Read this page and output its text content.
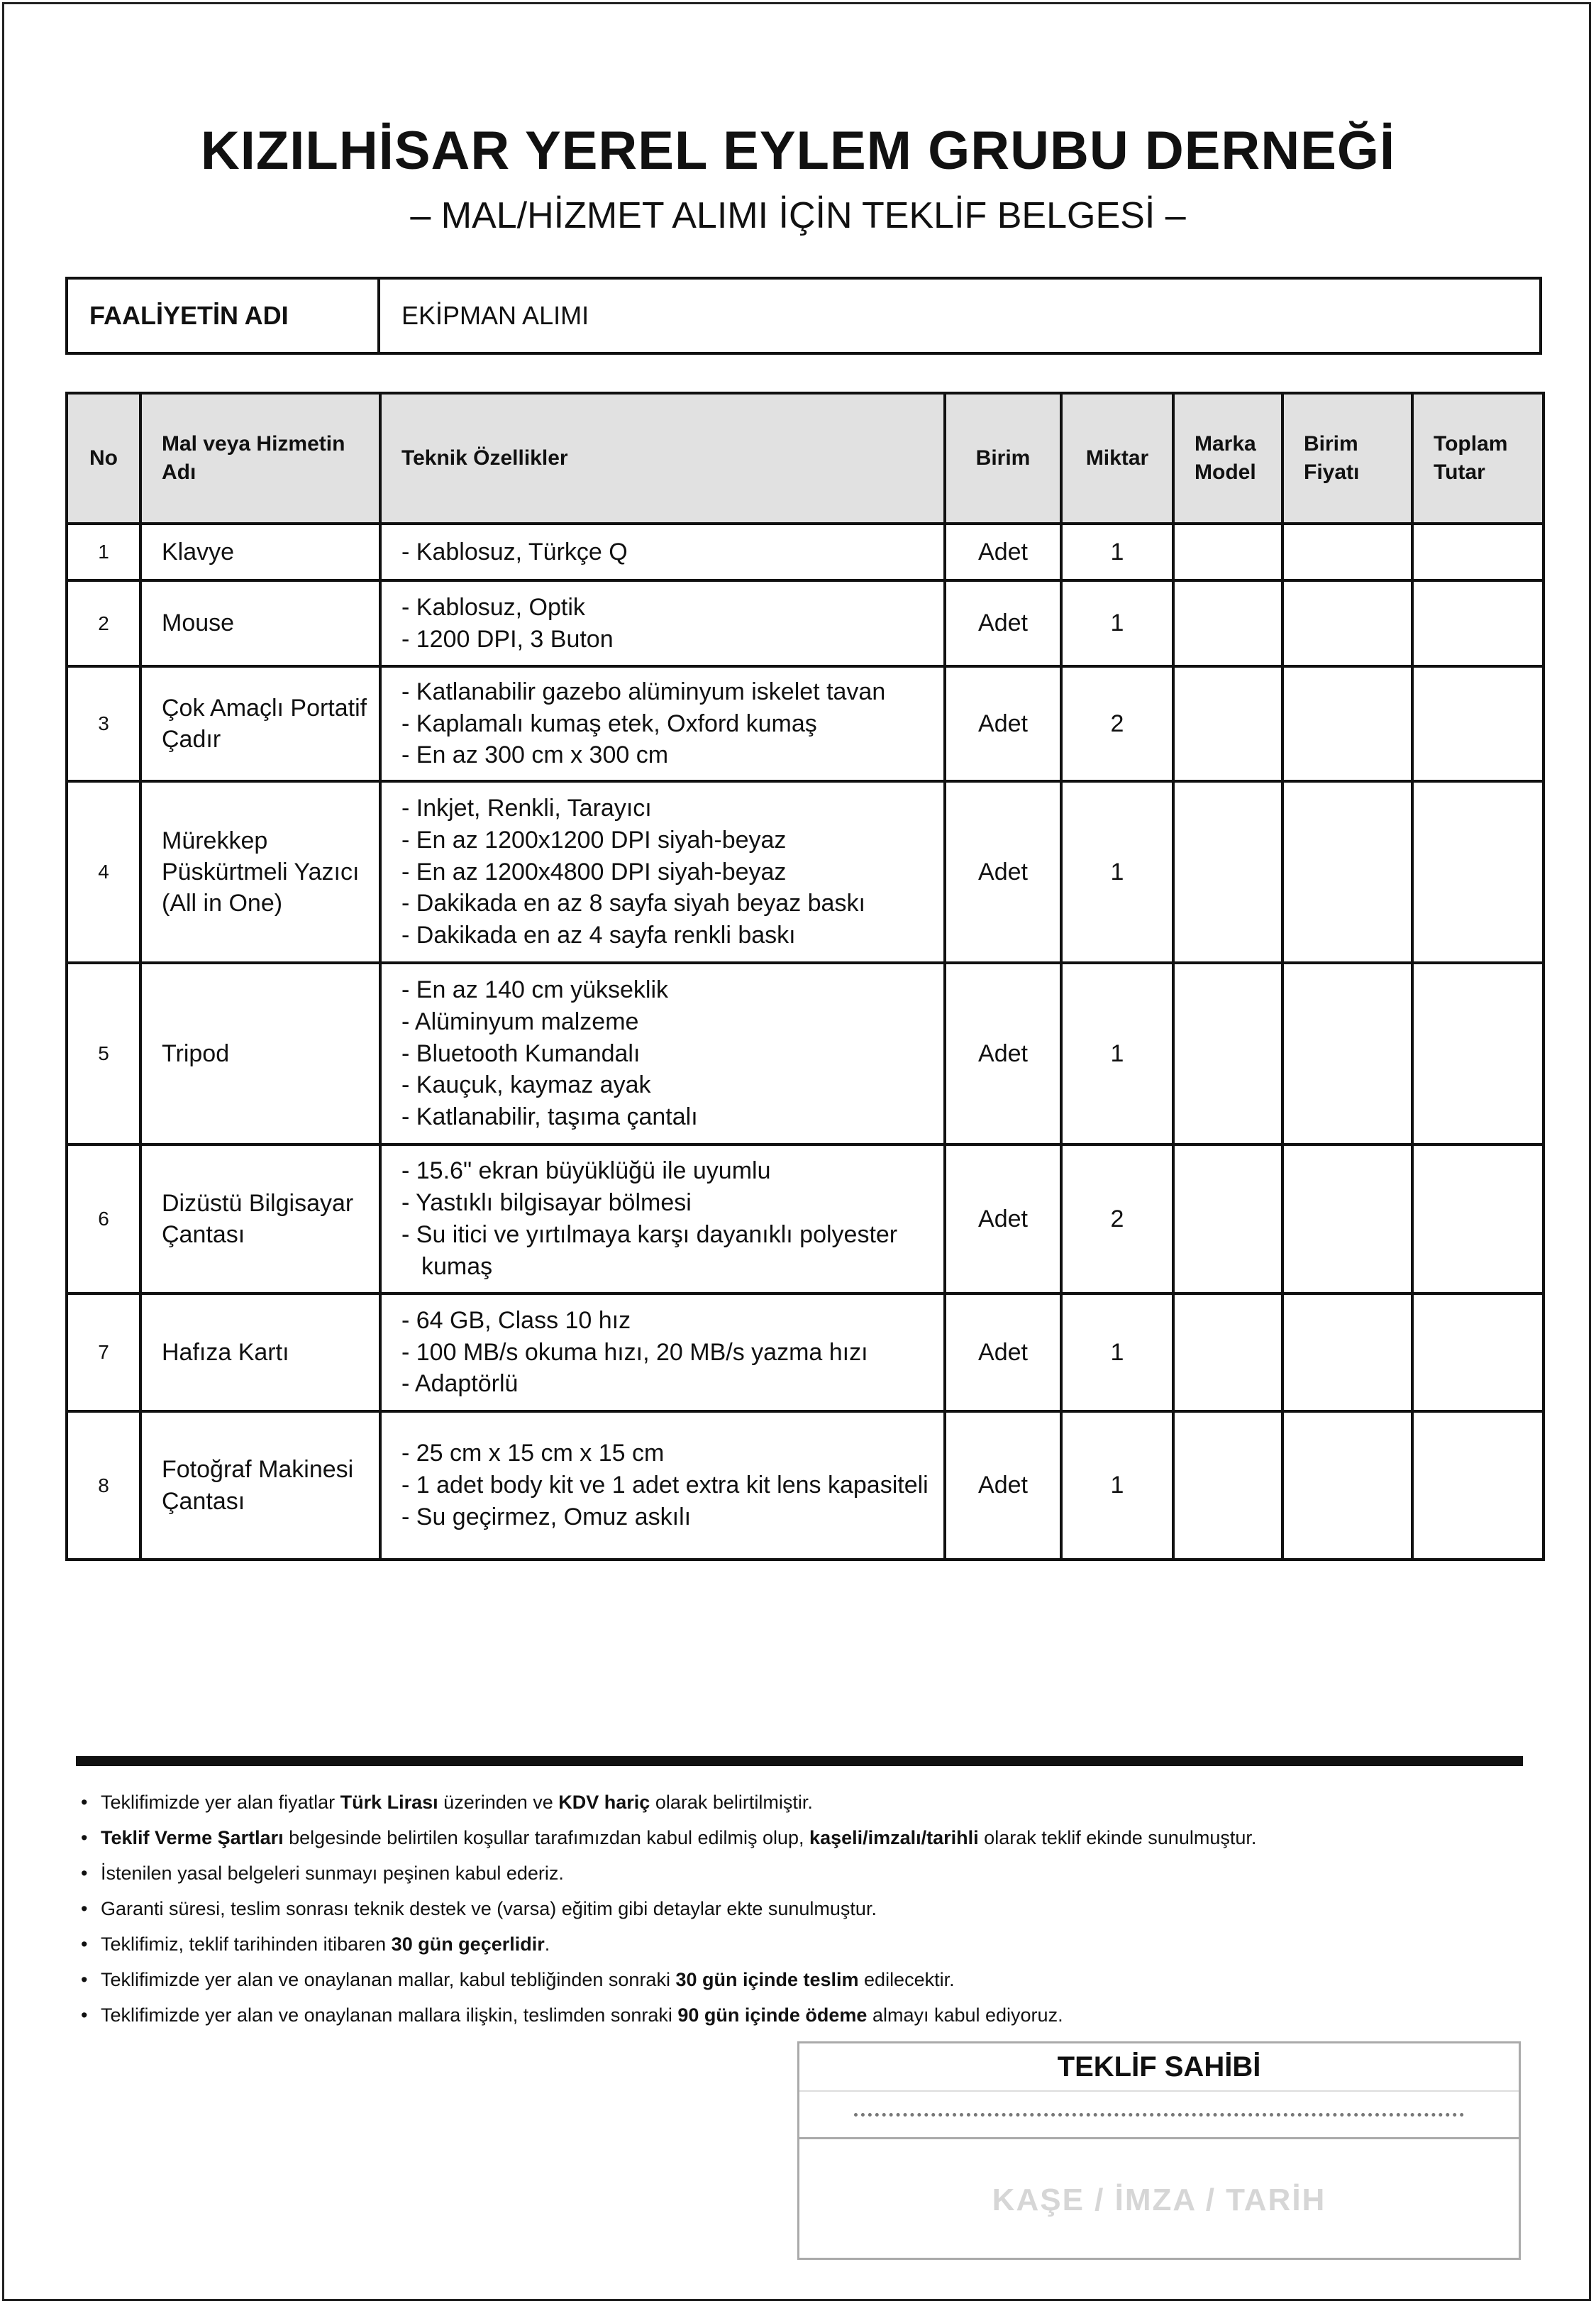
KIZILHİSAR YEREL EYLEM GRUBU DERNEĞİ
– MAL/HİZMET ALIMI İÇİN TEKLİF BELGESİ –
FAALİYETİN ADI	EKİPMAN ALIMI
No	Mal veya Hizmetin Adı	Teknik Özellikler	Birim	Miktar	Marka Model	Birim Fiyatı	Toplam Tutar
1	Klavye	- Kablosuz, Türkçe Q	Adet	1			
2	Mouse	- Kablosuz, Optik
- 1200 DPI, 3 Buton	Adet	1			
3	Çok Amaçlı Portatif Çadır	- Katlanabilir gazebo alüminyum iskelet tavan
- Kaplamalı kumaş etek, Oxford kumaş
- En az 300 cm x 300 cm	Adet	2			
4	Mürekkep Püskürtmeli Yazıcı (All in One)	- Inkjet, Renkli, Tarayıcı
- En az 1200x1200 DPI siyah-beyaz
- En az 1200x4800 DPI siyah-beyaz
- Dakikada en az 8 sayfa siyah beyaz baskı
- Dakikada en az 4 sayfa renkli baskı	Adet	1			
5	Tripod	- En az 140 cm yükseklik
- Alüminyum malzeme
- Bluetooth Kumandalı
- Kauçuk, kaymaz ayak
- Katlanabilir, taşıma çantalı	Adet	1			
6	Dizüstü Bilgisayar Çantası	- 15.6" ekran büyüklüğü ile uyumlu
- Yastıklı bilgisayar bölmesi
- Su itici ve yırtılmaya karşı dayanıklı polyester kumaş	Adet	2			
7	Hafıza Kartı	- 64 GB, Class 10 hız
- 100 MB/s okuma hızı, 20 MB/s yazma hızı
- Adaptörlü	Adet	1			
8	Fotoğraf Makinesi Çantası	- 25 cm x 15 cm x 15 cm
- 1 adet body kit ve 1 adet extra kit lens kapasiteli
- Su geçirmez, Omuz askılı	Adet	1			
• Teklifimizde yer alan fiyatlar Türk Lirası üzerinden ve KDV hariç olarak belirtilmiştir.
• Teklif Verme Şartları belgesinde belirtilen koşullar tarafımızdan kabul edilmiş olup, kaşeli/imzalı/tarihli olarak teklif ekinde sunulmuştur.
• İstenilen yasal belgeleri sunmayı peşinen kabul ederiz.
• Garanti süresi, teslim sonrası teknik destek ve (varsa) eğitim gibi detaylar ekte sunulmuştur.
• Teklifimiz, teklif tarihinden itibaren 30 gün geçerlidir.
• Teklifimizde yer alan ve onaylanan mallar, kabul tebliğinden sonraki 30 gün içinde teslim edilecektir.
• Teklifimizde yer alan ve onaylanan mallara ilişkin, teslimden sonraki 90 gün içinde ödeme almayı kabul ediyoruz.
TEKLİF SAHİBİ
KAŞE / İMZA / TARİH
